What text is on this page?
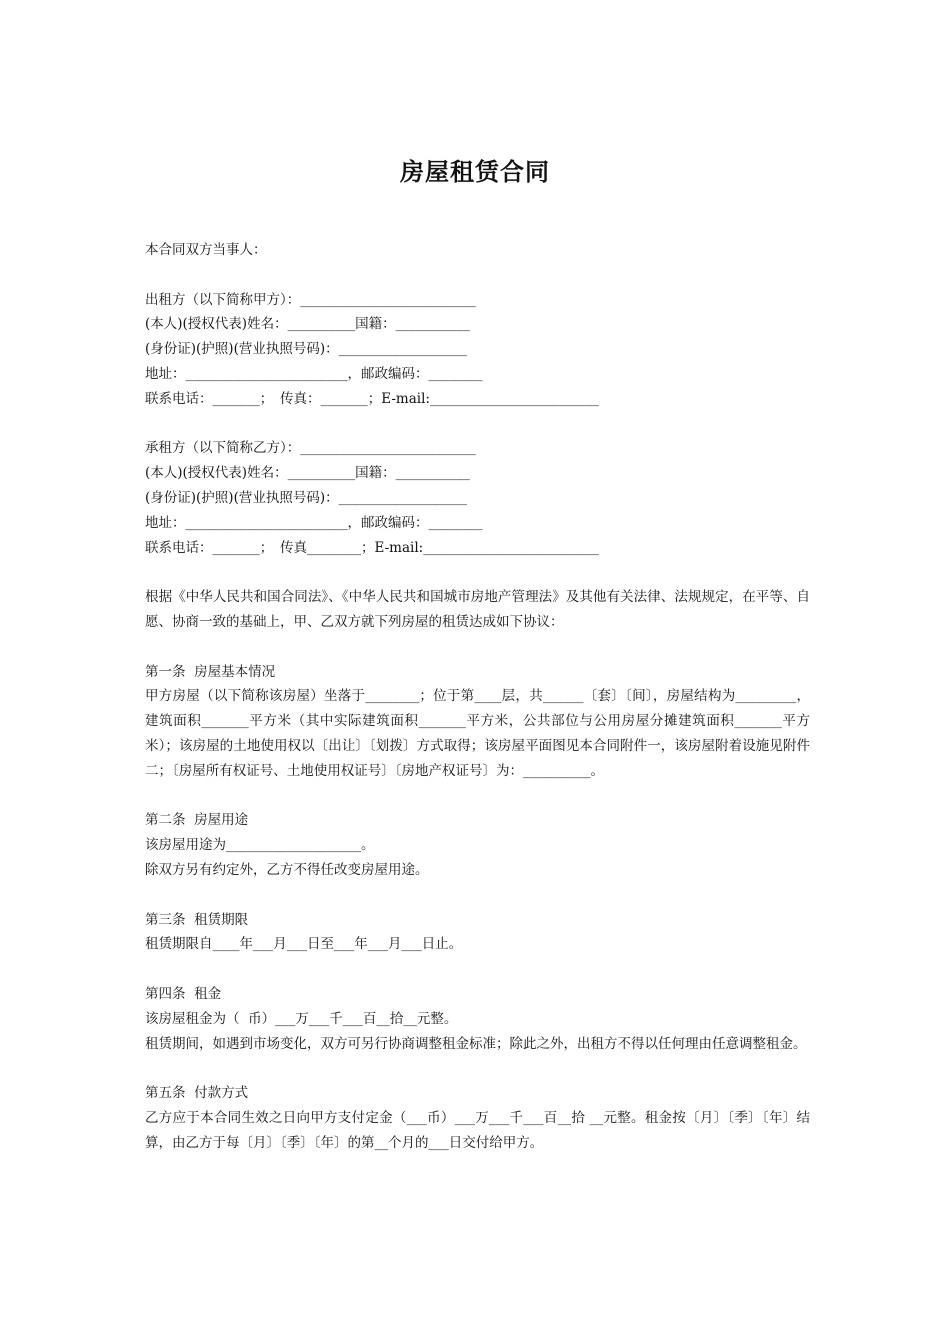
房屋租赁合同

本合同双方当事人：

出租方（以下简称甲方）：__________________________

(本人)(授权代表)姓名：__________国籍：___________

(身份证)(护照)(营业执照号码)：___________________

地址：________________________，邮政编码：________

联系电话：_______；　传真：_______；E-mail:_________________________

承租方（以下简称乙方）：__________________________

(本人)(授权代表)姓名：__________国籍：___________

(身份证)(护照)(营业执照号码)：___________________

地址：________________________，邮政编码：________

联系电话：_______；　传真________；E-mail:__________________________

根据《中华人民共和国合同法》、《中华人民共和国城市房地产管理法》及其他有关法律、法规规定，在平等、自愿、协商一致的基础上，甲、乙双方就下列房屋的租赁达成如下协议：

第一条  房屋基本情况

甲方房屋（以下简称该房屋）坐落于________；位于第____层，共______〔套〕〔间〕，房屋结构为_________，建筑面积_______平方米（其中实际建筑面积_______平方米，公共部位与公用房屋分摊建筑面积_______平方米）；该房屋的土地使用权以〔出让〕〔划拨〕方式取得；该房屋平面图见本合同附件一，该房屋附着设施见附件二；〔房屋所有权证号、土地使用权证号〕〔房地产权证号〕为：__________。

第二条  房屋用途

该房屋用途为____________________。

除双方另有约定外，乙方不得任改变房屋用途。

第三条  租赁期限

租赁期限自____年___月___日至___年___月___日止。

第四条  租金

该房屋租金为（  币）___万___千___百__拾__元整。

租赁期间，如遇到市场变化，双方可另行协商调整租金标准；除此之外，出租方不得以任何理由任意调整租金。

第五条  付款方式

乙方应于本合同生效之日向甲方支付定金（___币）___万___千___百__拾 __元整。租金按〔月〕〔季〕〔年〕结算，由乙方于每〔月〕〔季〕〔年〕的第__个月的___日交付给甲方。
